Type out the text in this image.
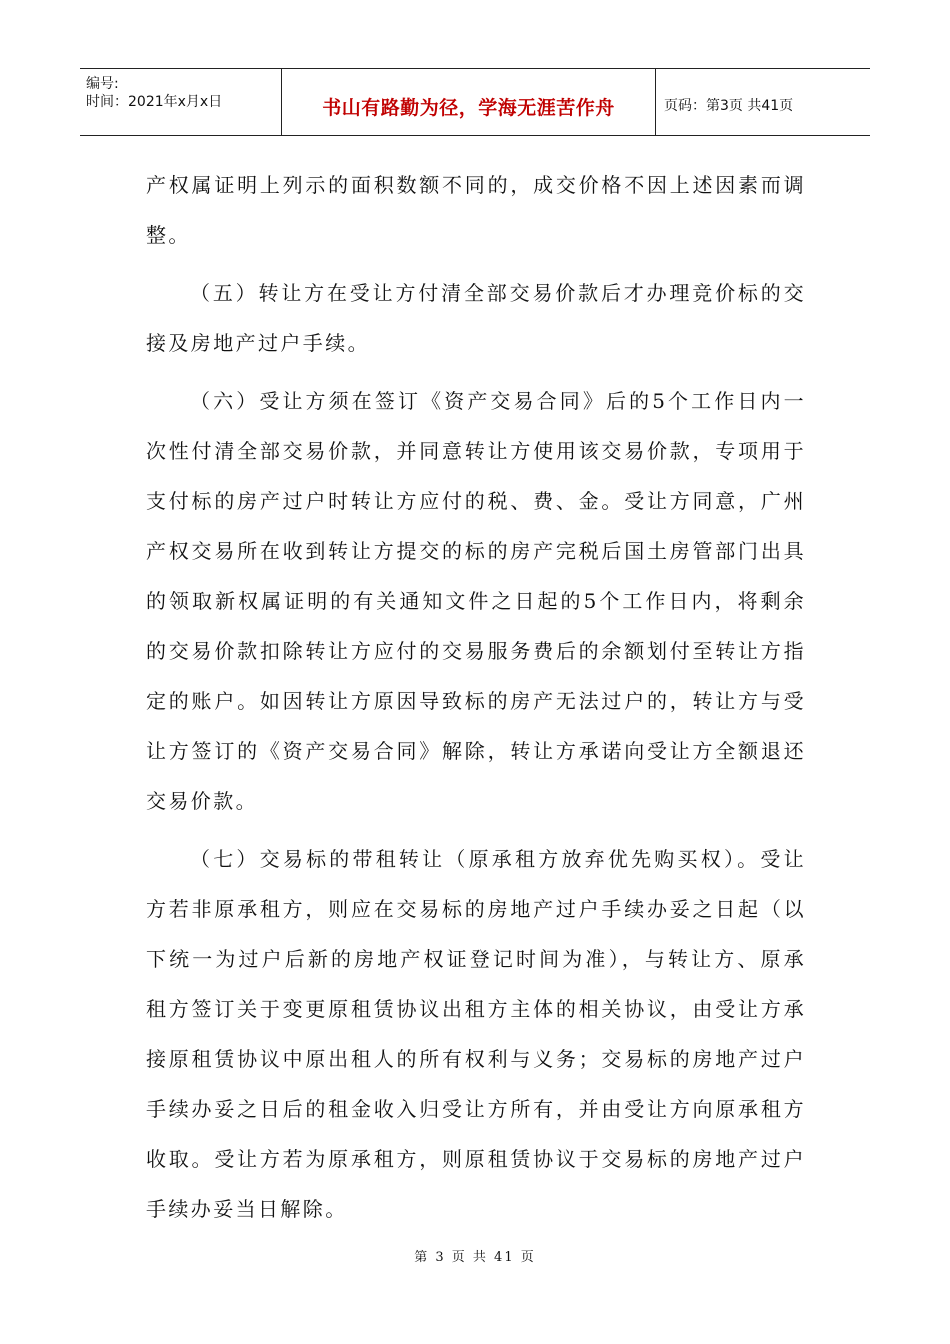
编号:
时间：2021年x月x日	书山有路勤为径，学海无涯苦作舟	页码：第3页 共41页

产权属证明上列示的面积数额不同的，成交价格不因上述因素而调整。

（五）转让方在受让方付清全部交易价款后才办理竞价标的交接及房地产过户手续。

（六）受让方须在签订《资产交易合同》后的5个工作日内一次性付清全部交易价款，并同意转让方使用该交易价款，专项用于支付标的房产过户时转让方应付的税、费、金。受让方同意，广州产权交易所在收到转让方提交的标的房产完税后国土房管部门出具的领取新权属证明的有关通知文件之日起的5个工作日内，将剩余的交易价款扣除转让方应付的交易服务费后的余额划付至转让方指定的账户。如因转让方原因导致标的房产无法过户的，转让方与受让方签订的《资产交易合同》解除，转让方承诺向受让方全额退还交易价款。

（七）交易标的带租转让（原承租方放弃优先购买权）。受让方若非原承租方，则应在交易标的房地产过户手续办妥之日起（以下统一为过户后新的房地产权证登记时间为准），与转让方、原承租方签订关于变更原租赁协议出租方主体的相关协议，由受让方承接原租赁协议中原出租人的所有权利与义务；交易标的房地产过户手续办妥之日后的租金收入归受让方所有，并由受让方向原承租方收取。受让方若为原承租方，则原租赁协议于交易标的房地产过户手续办妥当日解除。

第 3 页 共 41 页
